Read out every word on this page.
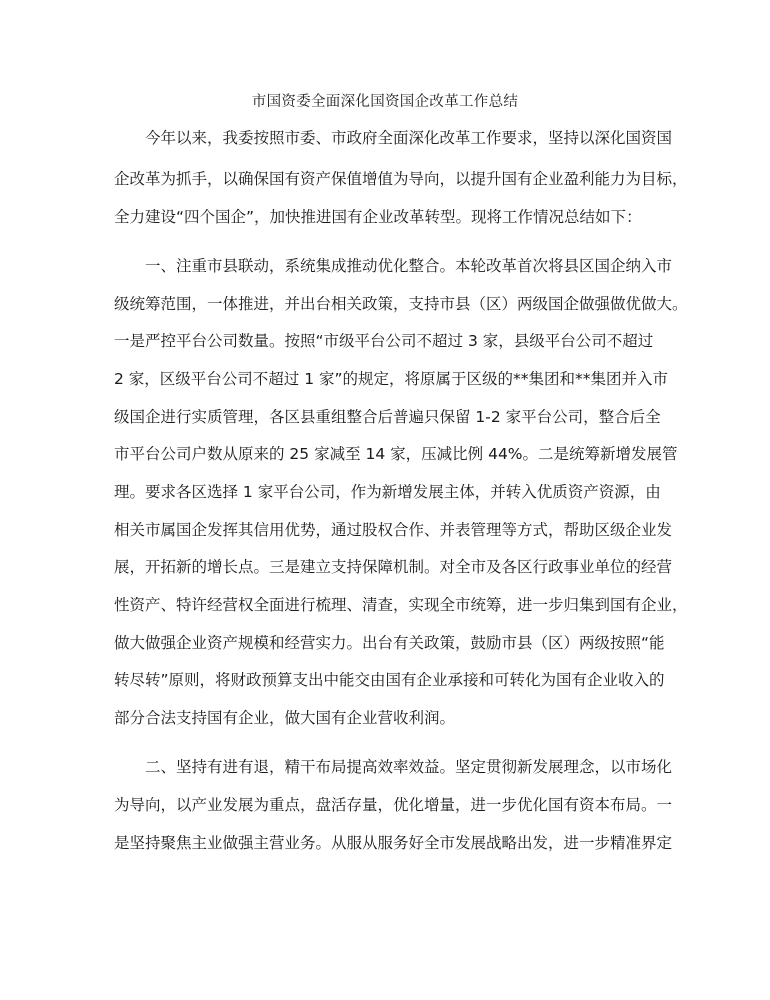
市国资委全面深化国资国企改革工作总结
今年以来，我委按照市委、市政府全面深化改革工作要求，坚持以深化国资国
企改革为抓手，以确保国有资产保值增值为导向，以提升国有企业盈利能力为目标，
全力建设“四个国企”，加快推进国有企业改革转型。现将工作情况总结如下：
一、注重市县联动，系统集成推动优化整合。本轮改革首次将县区国企纳入市
级统筹范围，一体推进，并出台相关政策，支持市县（区）两级国企做强做优做大。
一是严控平台公司数量。按照“市级平台公司不超过 3 家，县级平台公司不超过
2 家，区级平台公司不超过 1 家”的规定，将原属于区级的**集团和**集团并入市
级国企进行实质管理，各区县重组整合后普遍只保留 1-2 家平台公司，整合后全
市平台公司户数从原来的 25 家减至 14 家，压减比例 44%。二是统筹新增发展管
理。要求各区选择 1 家平台公司，作为新增发展主体，并转入优质资产资源，由
相关市属国企发挥其信用优势，通过股权合作、并表管理等方式，帮助区级企业发
展，开拓新的增长点。三是建立支持保障机制。对全市及各区行政事业单位的经营
性资产、特许经营权全面进行梳理、清查，实现全市统筹，进一步归集到国有企业，
做大做强企业资产规模和经营实力。出台有关政策，鼓励市县（区）两级按照“能
转尽转”原则，将财政预算支出中能交由国有企业承接和可转化为国有企业收入的
部分合法支持国有企业，做大国有企业营收利润。
二、坚持有进有退，精干布局提高效率效益。坚定贯彻新发展理念，以市场化
为导向，以产业发展为重点，盘活存量，优化增量，进一步优化国有资本布局。一
是坚持聚焦主业做强主营业务。从服从服务好全市发展战略出发，进一步精准界定
